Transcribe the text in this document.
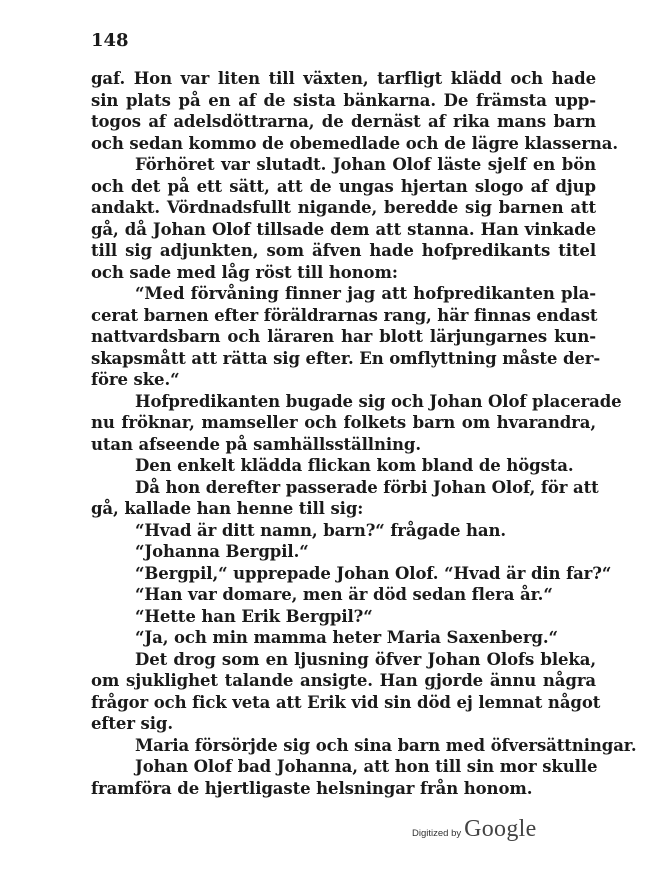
148
gaf. Hon var liten till växten, tarfligt klädd och hade
sin plats på en af de sista bänkarna. De främsta upp-
togos af adelsdöttrarna, de dernäst af rika mans barn
och sedan kommo de obemedlade och de lägre klasserna.
Förhöret var slutadt. Johan Olof läste sjelf en bön
och det på ett sätt, att de ungas hjertan slogo af djup
andakt. Vördnadsfullt nigande, beredde sig barnen att
gå, då Johan Olof tillsade dem att stanna. Han vinkade
till sig adjunkten, som äfven hade hofpredikants titel
och sade med låg röst till honom:
“Med förvåning finner jag att hofpredikanten pla-
cerat barnen efter föräldrarnas rang, här finnas endast
nattvardsbarn och läraren har blott lärjungarnes kun-
skapsmått att rätta sig efter. En omflyttning måste der-
före ske.“
Hofpredikanten bugade sig och Johan Olof placerade
nu fröknar, mamseller och folkets barn om hvarandra,
utan afseende på samhällsställning.
Den enkelt klädda flickan kom bland de högsta.
Då hon derefter passerade förbi Johan Olof, för att
gå, kallade han henne till sig:
“Hvad är ditt namn, barn?“ frågade han.
“Johanna Bergpil.“
“Bergpil,“ upprepade Johan Olof. “Hvad är din far?“
“Han var domare, men är död sedan flera år.“
“Hette han Erik Bergpil?“
“Ja, och min mamma heter Maria Saxenberg.“
Det drog som en ljusning öfver Johan Olofs bleka,
om sjuklighet talande ansigte. Han gjorde ännu några
frågor och fick veta att Erik vid sin död ej lemnat något
efter sig.
Maria försörjde sig och sina barn med öfversättningar.
Johan Olof bad Johanna, att hon till sin mor skulle
framföra de hjertligaste helsningar från honom.
Digitized by Google
